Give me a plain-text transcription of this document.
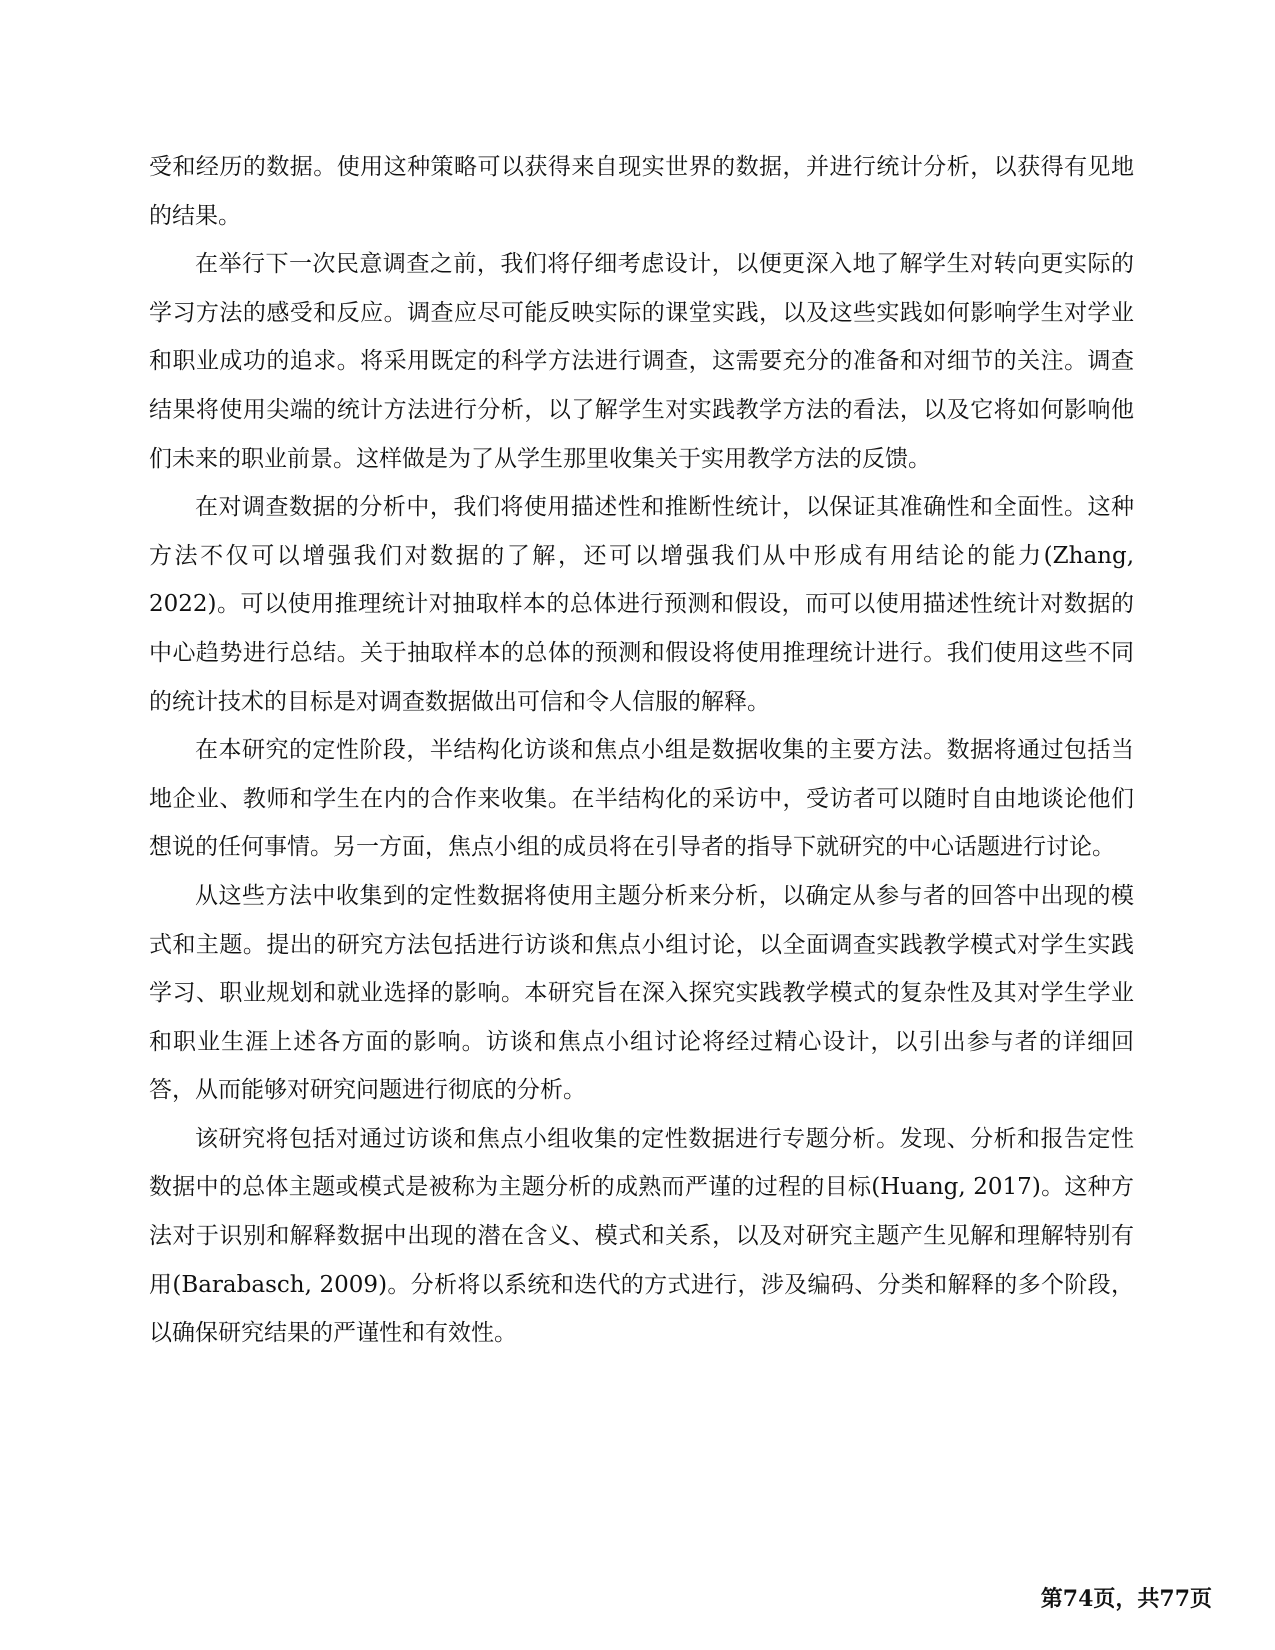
受和经历的数据。使用这种策略可以获得来自现实世界的数据，并进行统计分析，以获得有见地的结果。

在举行下一次民意调查之前，我们将仔细考虑设计，以便更深入地了解学生对转向更实际的学习方法的感受和反应。调查应尽可能反映实际的课堂实践，以及这些实践如何影响学生对学业和职业成功的追求。将采用既定的科学方法进行调查，这需要充分的准备和对细节的关注。调查结果将使用尖端的统计方法进行分析，以了解学生对实践教学方法的看法，以及它将如何影响他们未来的职业前景。这样做是为了从学生那里收集关于实用教学方法的反馈。

在对调查数据的分析中，我们将使用描述性和推断性统计，以保证其准确性和全面性。这种方法不仅可以增强我们对数据的了解，还可以增强我们从中形成有用结论的能力(Zhang, 2022)。可以使用推理统计对抽取样本的总体进行预测和假设，而可以使用描述性统计对数据的中心趋势进行总结。关于抽取样本的总体的预测和假设将使用推理统计进行。我们使用这些不同的统计技术的目标是对调查数据做出可信和令人信服的解释。

在本研究的定性阶段，半结构化访谈和焦点小组是数据收集的主要方法。数据将通过包括当地企业、教师和学生在内的合作来收集。在半结构化的采访中，受访者可以随时自由地谈论他们想说的任何事情。另一方面，焦点小组的成员将在引导者的指导下就研究的中心话题进行讨论。

从这些方法中收集到的定性数据将使用主题分析来分析，以确定从参与者的回答中出现的模式和主题。提出的研究方法包括进行访谈和焦点小组讨论，以全面调查实践教学模式对学生实践学习、职业规划和就业选择的影响。本研究旨在深入探究实践教学模式的复杂性及其对学生学业和职业生涯上述各方面的影响。访谈和焦点小组讨论将经过精心设计，以引出参与者的详细回答，从而能够对研究问题进行彻底的分析。

该研究将包括对通过访谈和焦点小组收集的定性数据进行专题分析。发现、分析和报告定性数据中的总体主题或模式是被称为主题分析的成熟而严谨的过程的目标(Huang, 2017)。这种方法对于识别和解释数据中出现的潜在含义、模式和关系，以及对研究主题产生见解和理解特别有用(Barabasch, 2009)。分析将以系统和迭代的方式进行，涉及编码、分类和解释的多个阶段，以确保研究结果的严谨性和有效性。

第74页，共77页
